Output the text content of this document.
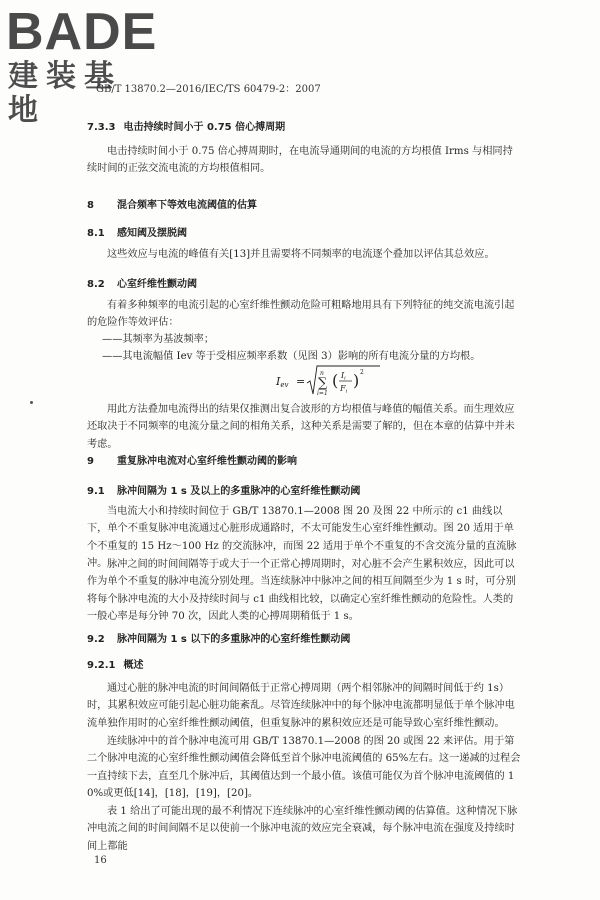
BADE
建装基地
GB/T 13870.2—2016/IEC/TS 60479-2：2007
7.3.3 电击持续时间小于 0.75 倍心搏周期
电击持续时间小于 0.75 倍心搏周期时，在电流导通期间的电流的方均根值 Irms 与相同持续时间的正弦交流电流的方均根值相同。
8 混合频率下等效电流阈值的估算
8.1 感知阈及摆脱阈
这些效应与电流的峰值有关[13]并且需要将不同频率的电流逐个叠加以评估其总效应。
8.2 心室纤维性颤动阈
有着多种频率的电流引起的心室纤维性颤动危险可粗略地用具有下列特征的纯交流电流引起的危险作等效评估：
——其频率为基波频率；
——其电流幅值 Iev 等于受相应频率系数（见图 3）影响的所有电流分量的方均根。
Iev =
n
∑
i=1
( Ii
Fi
) 2
用此方法叠加电流得出的结果仅推测出复合波形的方均根值与峰值的幅值关系。而生理效应还取决于不同频率的电流分量之间的相角关系，这种关系是需要了解的，但在本章的估算中并未考虑。
9 重复脉冲电流对心室纤维性颤动阈的影响
9.1 脉冲间隔为 1 s 及以上的多重脉冲的心室纤维性颤动阈
当电流大小和持续时间位于 GB/T 13870.1—2008 图 20 及图 22 中所示的 c1 曲线以下，单个不重复脉冲电流通过心脏形成通路时，不太可能发生心室纤维性颤动。图 20 适用于单个不重复的 15 Hz～100 Hz 的交流脉冲，而图 22 适用于单个不重复的不含交流分量的直流脉冲。 脉冲之间的时间间隔等于或大于一个正常心搏周期时，对心脏不会产生累积效应，因此可以作为单个不重复的脉冲电流分别处理。当连续脉冲中脉冲之间的相互间隔至少为 1 s 时，可分别将每个脉冲电流的大小及持续时间与 c1 曲线相比较，以确定心室纤维性颤动的危险性。人类的一般心率是每分钟 70 次，因此人类的心搏周期稍低于 1 s。
9.2 脉冲间隔为 1 s 以下的多重脉冲的心室纤维性颤动阈
9.2.1 概述
通过心脏的脉冲电流的时间间隔低于正常心搏周期（两个相邻脉冲的间隔时间低于约 1s）时，其累积效应可能引起心脏功能紊乱。尽管连续脉冲中的每个脉冲电流都明显低于单个脉冲电流单独作用时的心室纤维性颤动阈值，但重复脉冲的累积效应还是可能导致心室纤维性颤动。
连续脉冲中的首个脉冲电流可用 GB/T 13870.1—2008 的图 20 或图 22 来评估。用于第二个脉冲电流的心室纤维性颤动阈值会降低至首个脉冲电流阈值的 65%左右。这一递减的过程会一直持续下去，直至几个脉冲后，其阈值达到一个最小值。该值可能仅为首个脉冲电流阈值的 10%或更低[14]，[18]，[19]，[20]。
表 1 给出了可能出现的最不利情况下连续脉冲的心室纤维性颤动阈的估算值。这种情况下脉冲电流之间的时间间隔不足以使前一个脉冲电流的效应完全衰减，每个脉冲电流在强度及持续时间上都能
16
